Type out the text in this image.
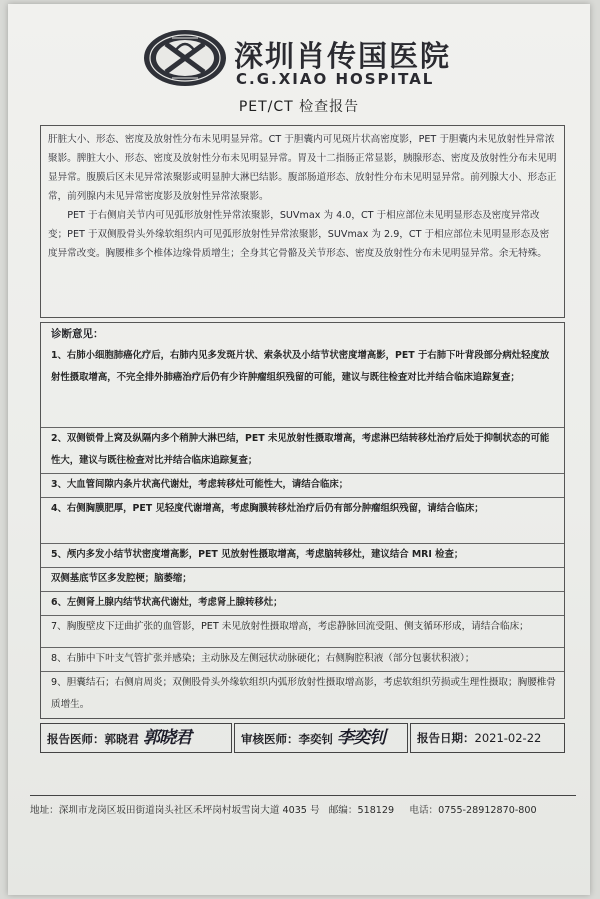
深圳肖传国医院
C.G.XIAO HOSPITAL
PET/CT 检查报告

肝脏大小、形态、密度及放射性分布未见明显异常。CT 于胆囊内可见斑片状高密度影，PET 于胆囊内未见放射性异常浓聚影。脾脏大小、形态、密度及放射性分布未见明显异常。胃及十二指肠正常显影，胰腺形态、密度及放射性分布未见明显异常。腹膜后区未见异常浓聚影或明显肿大淋巴结影。腹部肠道形态、放射性分布未见明显异常。前列腺大小、形态正常，前列腺内未见异常密度影及放射性异常浓聚影。

PET 于右侧肩关节内可见弧形放射性异常浓聚影，SUVmax 为 4.0，CT 于相应部位未见明显形态及密度异常改变；PET 于双侧股骨头外缘软组织内可见弧形放射性异常浓聚影，SUVmax 为 2.9，CT 于相应部位未见明显形态及密度异常改变。胸腰椎多个椎体边缘骨质增生；全身其它骨骼及关节形态、密度及放射性分布未见明显异常。余无特殊。

诊断意见：

1、右肺小细胞肺癌化疗后，右肺内见多发斑片状、索条状及小结节状密度增高影，PET 于右肺下叶背段部分病灶轻度放射性摄取增高，不完全排外肺癌治疗后仍有少许肿瘤组织残留的可能，建议与既往检查对比并结合临床追踪复查；

2、双侧锁骨上窝及纵隔内多个稍肿大淋巴结，PET 未见放射性摄取增高，考虑淋巴结转移灶治疗后处于抑制状态的可能性大，建议与既往检查对比并结合临床追踪复查；

3、大血管间隙内条片状高代谢灶，考虑转移灶可能性大，请结合临床；

4、右侧胸膜肥厚，PET 见轻度代谢增高，考虑胸膜转移灶治疗后仍有部分肿瘤组织残留，请结合临床；

5、颅内多发小结节状密度增高影，PET 见放射性摄取增高，考虑脑转移灶，建议结合 MRI 检查；

双侧基底节区多发腔梗；脑萎缩；

6、左侧肾上腺内结节状高代谢灶，考虑肾上腺转移灶；

7、胸腹壁皮下迂曲扩张的血管影，PET 未见放射性摄取增高，考虑静脉回流受阻、侧支循环形成，请结合临床；

8、右肺中下叶支气管扩张并感染；主动脉及左侧冠状动脉硬化；右侧胸腔积液（部分包裹状积液）；

9、胆囊结石；右侧肩周炎；双侧股骨头外缘软组织内弧形放射性摄取增高影，考虑软组织劳损或生理性摄取；胸腰椎骨质增生。

报告医师：郭晓君 郭晓君	审核医师：李奕钊 李奕钊	报告日期：2021-02-22
地址：深圳市龙岗区坂田街道岗头社区禾坪岗村坂雪岗大道 4035 号 邮编：518129 电话：0755-28912870-800
